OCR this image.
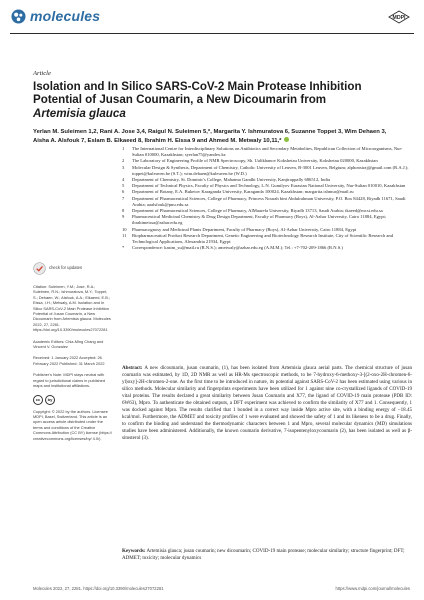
molecules	MDPI
Article
Isolation and In Silico SARS-CoV-2 Main Protease Inhibition
Potential of Jusan Coumarin, a New Dicoumarin from
Artemisia glauca
Yerlan M. Suleimen 1,2, Rani A. Jose 3,4, Raigul N. Suleimen 5,*, Margarita Y. Ishmuratova 6, Suzanne Toppet 3, Wim Dehaen 3, Aisha A. Alsfouk 7, Eslam B. Elkaeed 8, Ibrahim H. Eissa 9 and Ahmed M. Metwaly 10,11,*
1 The International Centre for Interdisciplinary Solutions on Antibiotics and Secondary Metabolites, Republican Collection of Microorganisms, Nur-Sultan 010000, Kazakhstan; syerlan75@yandex.kz
2 The Laboratory of Engineering Profile of NMR Spectroscopy, Sh. Ualikhanov Kokshetau University, Kokshetau 020000, Kazakhstan
3 Molecular Design & Synthesis, Department of Chemistry, Catholic University of Leuven, B-3001 Leuven, Belgium; alphonsiraj@gmail.com (R.A.J.); toppet@kuleuven.be (S.T.); wim.dehaen@kuleuven.be (W.D.)
4 Department of Chemistry, St. Dominic's College, Mahatma Gandhi University, Kanjirappally 686512, India
5 Department of Technical Physics, Faculty of Physics and Technology, L.N. Gumilyov Eurasian National University, Nur-Sultan 010010, Kazakhstan
6 Department of Botany, E.A. Buketov Karaganda University, Karaganda 100024, Kazakhstan; margarita.ishmur@mail.ru
7 Department of Pharmaceutical Sciences, College of Pharmacy, Princess Nourah bint Abdulrahman University, P.O. Box 84428, Riyadh 11671, Saudi Arabia; aaalsfouk@pnu.edu.sa
8 Department of Pharmaceutical Sciences, College of Pharmacy, AlMaarefa University, Riyadh 13713, Saudi Arabia; ikaeed@mcst.edu.sa
9 Pharmaceutical Medicinal Chemistry & Drug Design Department, Faculty of Pharmacy (Boys), Al-Azhar University, Cairo 11884, Egypt; ibrahimeissa@azhar.edu.eg
10 Pharmacognosy and Medicinal Plants Department, Faculty of Pharmacy (Boys), Al-Azhar University, Cairo 11884, Egypt
11 Biopharmaceutical Product Research Department, Genetic Engineering and Biotechnology Research Institute, City of Scientific Research and Technological Applications, Alexandria 21934, Egypt
* Correspondence: kasim_su@mail.ru (R.N.S.); ametwaly@azhar.edu.eg (A.M.M.); Tel.: +7-702-209-1866 (R.N.S.)
check for updates
Citation: Suleimen, Y.M.; Jose, R.A.; Suleimen, R.N.; Ishmuratova, M.Y.; Toppet, S.; Dehaen, W.; Alsfouk, A.A.; Elkaeed, E.B.; Eissa, I.H.; Metwaly, A.M. Isolation and In Silico SARS-CoV-2 Main Protease Inhibition Potential of Jusan Coumarin, a New Dicoumarin from Artemisia glauca. Molecules 2022, 27, 2281. https://doi.org/10.3390/molecules27072281
Academic Editors: Chia-Ming Chang and Vincent V. Gonzalez
Received: 1 January 2022 Accepted: 26 February 2022 Published: 31 March 2022
Publisher's Note: MDPI stays neutral with regard to jurisdictional claims in published maps and institutional affiliations.
cc	by
Copyright: © 2022 by the authors. Licensee MDPI, Basel, Switzerland. This article is an open access article distributed under the terms and conditions of the Creative Commons Attribution (CC BY) license (https:// creativecommons.org/licenses/by/ 4.0/).
Abstract: A new dicoumarin, jusan coumarin, (1), has been isolated from Artemisia glauca aerial parts. The chemical structure of jusan coumarin was estimated, by 1D, 2D NMR as well as HR-Ms spectroscopic methods, to be 7-hydroxy-6-methoxy-3-[(2-oxo-2H-chromen-6-yl)oxy]-2H-chromen-2-one. As the first time to be introduced in nature, its potential against SARS-CoV-2 has been estimated using various in silico methods. Molecular similarity and fingerprints experiments have been utilized for 1 against nine co-crystallized ligands of COVID-19 vital proteins. The results declared a great similarity between Jusan Coumarin and X77, the ligand of COVID-19 main protease (PDB ID: 6W63), Mpro. To authenticate the obtained outputs, a DFT experiment was achieved to confirm the similarity of X77 and 1. Consequently, 1 was docked against Mpro. The results clarified that 1 bonded in a correct way inside Mpro active site, with a binding energy of −18.45 kcal/mol. Furthermore, the ADMET and toxicity profiles of 1 were evaluated and showed the safety of 1 and its likeness to be a drug. Finally, to confirm the binding and understand the thermodynamic characters between 1 and Mpro, several molecular dynamics (MD) simulations studies have been administered. Additionally, the known coumarin derivative, 7-isopentenyloxycoumarin (2), has been isolated as well as β-sitosterol (3).
Keywords: Artemisia glauca; jusan coumarin; new dicoumarin; COVID-19 main protease; molecular similarity; structure fingerprint; DFT; ADMET; toxicity; molecular dynamics
Molecules 2022, 27, 2281. https://doi.org/10.3390/molecules27072281	https://www.mdpi.com/journal/molecules
